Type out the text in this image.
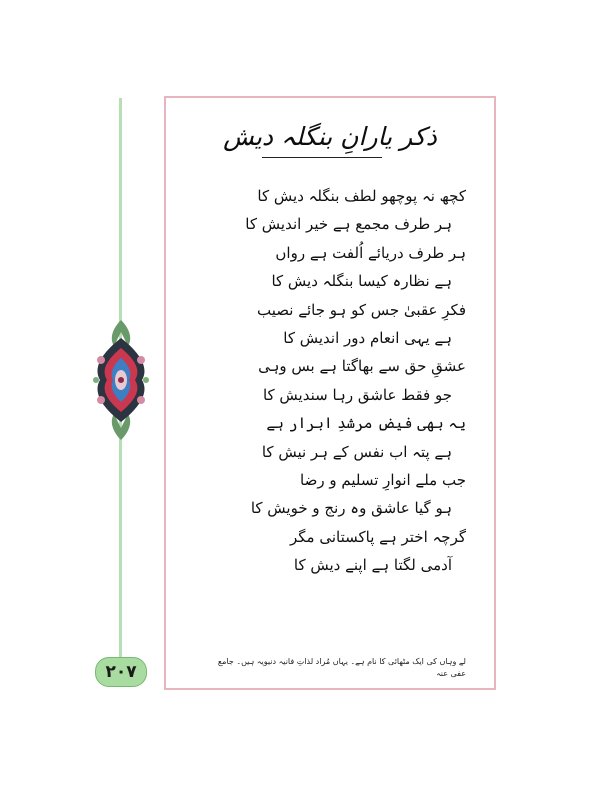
۲۰۷
ذکر یارانِ بنگلہ دیش
کچھ نہ پوچھو لطف بنگلہ دیش کا
ہر طرف مجمع ہے خیر اندیش کا
ہر طرف دریائے اُلفت ہے رواں
ہے نظارہ کیسا بنگلہ دیش کا
فکرِ عقبیٰ جس کو ہو جائے نصیب
ہے یہی انعام دور اندیش کا
عشقِ حق سے بھاگتا ہے بس وہی
جو فقط عاشق رہا سندیش کا
یہ بھی فیضِ مرشدِ ابرار ہے
ہے پتہ اب نفس کے ہر نیش کا
جب ملے انوارِ تسلیم و رضا
ہو گیا عاشق وہ رنج و خویش کا
گرچہ اختر ہے پاکستانی مگر
آدمی لگتا ہے اپنے دیش کا
لے وہاں کی ایک مٹھائی کا نام ہے۔ یہاں مُراد لذاتِ فانیہ دنیویہ ہیں۔ جامع
عفی عنہ
